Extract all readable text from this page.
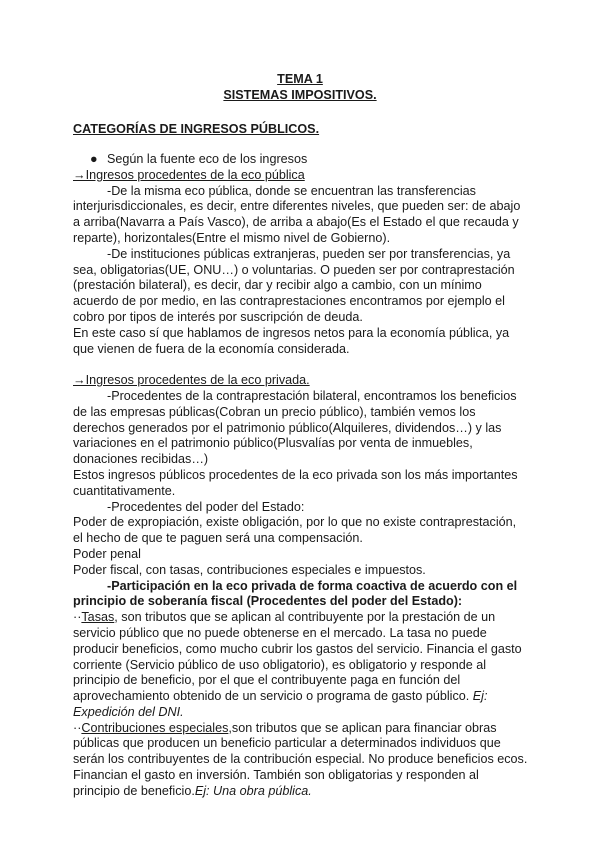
TEMA 1
SISTEMAS IMPOSITIVOS.
CATEGORÍAS DE INGRESOS PÚBLICOS.
● Según la fuente eco de los ingresos

→Ingresos procedentes de la eco pública

-De la misma eco pública, donde se encuentran las transferencias interjurisdiccionales, es decir, entre diferentes niveles, que pueden ser: de abajo a arriba(Navarra a País Vasco), de arriba a abajo(Es el Estado el que recauda y reparte), horizontales(Entre el mismo nivel de Gobierno).

-De instituciones públicas extranjeras, pueden ser por transferencias, ya sea, obligatorias(UE, ONU…) o voluntarias. O pueden ser por contraprestación (prestación bilateral), es decir, dar y recibir algo a cambio, con un mínimo acuerdo de por medio, en las contraprestaciones encontramos por ejemplo el cobro por tipos de interés por suscripción de deuda.

En este caso sí que hablamos de ingresos netos para la economía pública, ya que vienen de fuera de la economía considerada.

→Ingresos procedentes de la eco privada.

-Procedentes de la contraprestación bilateral, encontramos los beneficios de las empresas públicas(Cobran un precio público), también vemos los derechos generados por el patrimonio público(Alquileres, dividendos…) y las variaciones en el patrimonio público(Plusvalías por venta de inmuebles, donaciones recibidas…)

Estos ingresos públicos procedentes de la eco privada son los más importantes cuantitativamente.

-Procedentes del poder del Estado:

Poder de expropiación, existe obligación, por lo que no existe contraprestación, el hecho de que te paguen será una compensación.

Poder penal

Poder fiscal, con tasas, contribuciones especiales e impuestos.

-Participación en la eco privada de forma coactiva de acuerdo con el principio de soberanía fiscal (Procedentes del poder del Estado):

··Tasas, son tributos que se aplican al contribuyente por la prestación de un servicio público que no puede obtenerse en el mercado. La tasa no puede producir beneficios, como mucho cubrir los gastos del servicio. Financia el gasto corriente (Servicio público de uso obligatorio), es obligatorio y responde al principio de beneficio, por el que el contribuyente paga en función del aprovechamiento obtenido de un servicio o programa de gasto público. Ej: Expedición del DNI.

··Contribuciones especiales,son tributos que se aplican para financiar obras públicas que producen un beneficio particular a determinados individuos que serán los contribuyentes de la contribución especial. No produce beneficios ecos. Financian el gasto en inversión. También son obligatorias y responden al principio de beneficio.Ej: Una obra pública.
